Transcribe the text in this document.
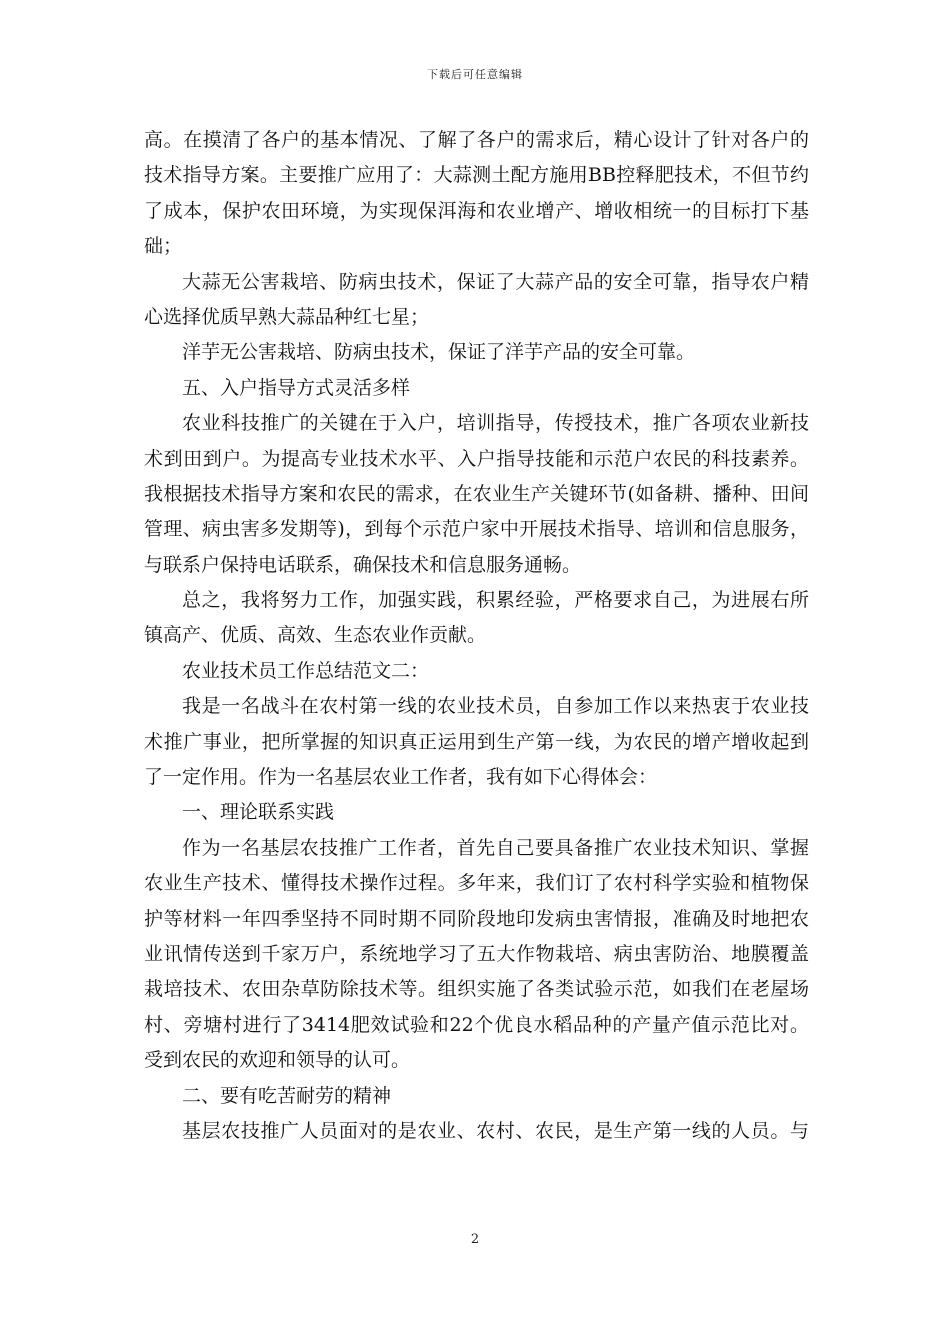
下载后可任意编辑
高。在摸清了各户的基本情况、了解了各户的需求后，精心设计了针对各户的
技术指导方案。主要推广应用了：大蒜测土配方施用BB控释肥技术，不但节约
了成本，保护农田环境，为实现保洱海和农业增产、增收相统一的目标打下基
础；
大蒜无公害栽培、防病虫技术，保证了大蒜产品的安全可靠，指导农户精
心选择优质早熟大蒜品种红七星；
洋芋无公害栽培、防病虫技术，保证了洋芋产品的安全可靠。
五、入户指导方式灵活多样
农业科技推广的关键在于入户，培训指导，传授技术，推广各项农业新技
术到田到户。为提高专业技术水平、入户指导技能和示范户农民的科技素养。
我根据技术指导方案和农民的需求，在农业生产关键环节(如备耕、播种、田间
管理、病虫害多发期等)，到每个示范户家中开展技术指导、培训和信息服务，
与联系户保持电话联系，确保技术和信息服务通畅。
总之，我将努力工作，加强实践，积累经验，严格要求自己，为进展右所
镇高产、优质、高效、生态农业作贡献。
农业技术员工作总结范文二：
我是一名战斗在农村第一线的农业技术员，自参加工作以来热衷于农业技
术推广事业，把所掌握的知识真正运用到生产第一线，为农民的增产增收起到
了一定作用。作为一名基层农业工作者，我有如下心得体会：
一、理论联系实践
作为一名基层农技推广工作者，首先自己要具备推广农业技术知识、掌握
农业生产技术、懂得技术操作过程。多年来，我们订了农村科学实验和植物保
护等材料一年四季坚持不同时期不同阶段地印发病虫害情报，准确及时地把农
业讯情传送到千家万户，系统地学习了五大作物栽培、病虫害防治、地膜覆盖
栽培技术、农田杂草防除技术等。组织实施了各类试验示范，如我们在老屋场
村、旁塘村进行了3414肥效试验和22个优良水稻品种的产量产值示范比对。
受到农民的欢迎和领导的认可。
二、要有吃苦耐劳的精神
基层农技推广人员面对的是农业、农村、农民，是生产第一线的人员。与
2
